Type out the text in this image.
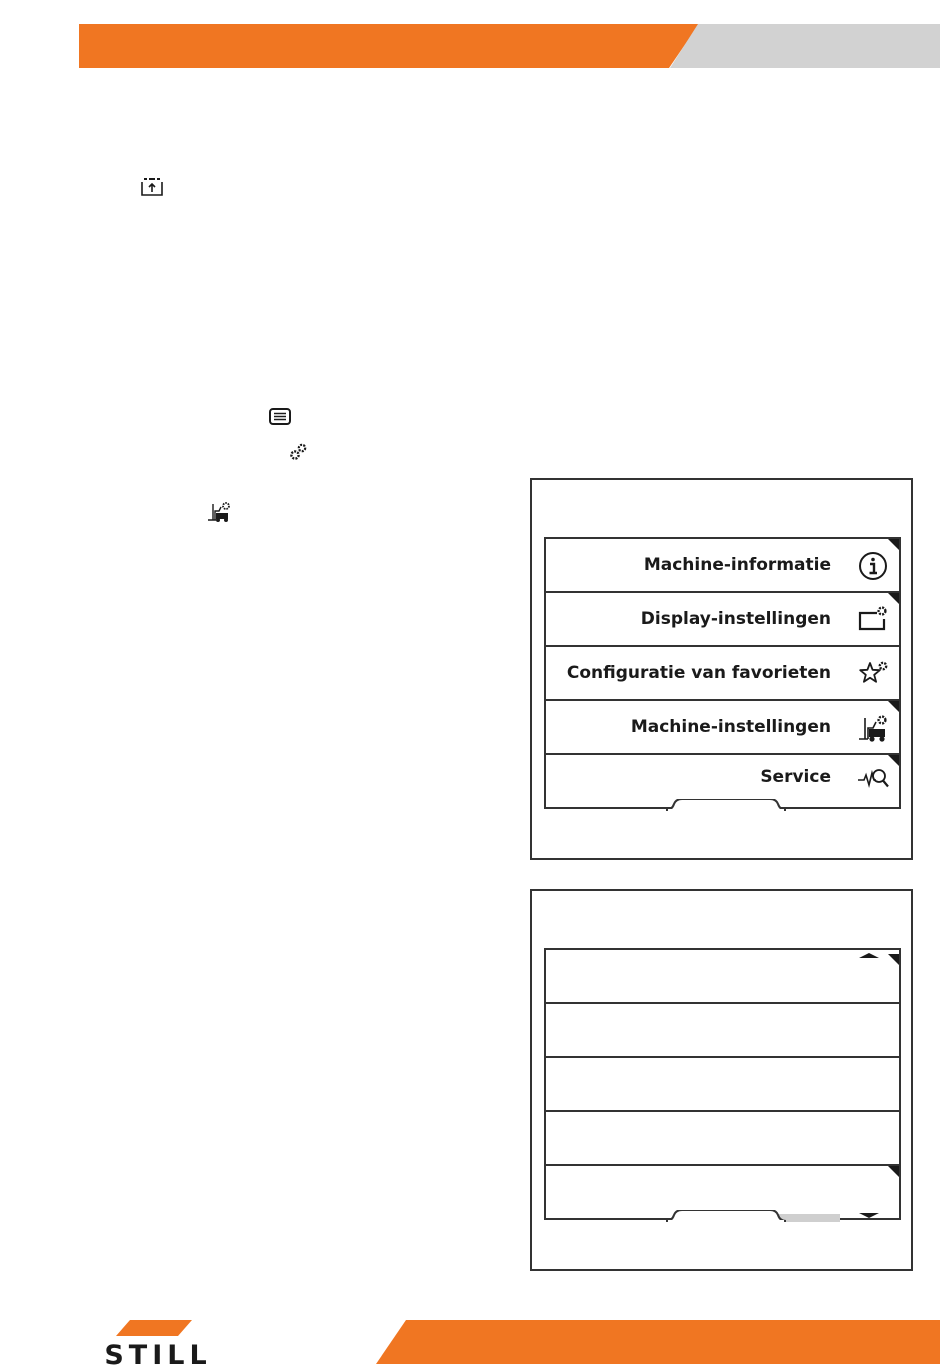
Machine-informatie
Display-instellingen
Configuratie van favorieten
Machine-instellingen
Service
STILL
